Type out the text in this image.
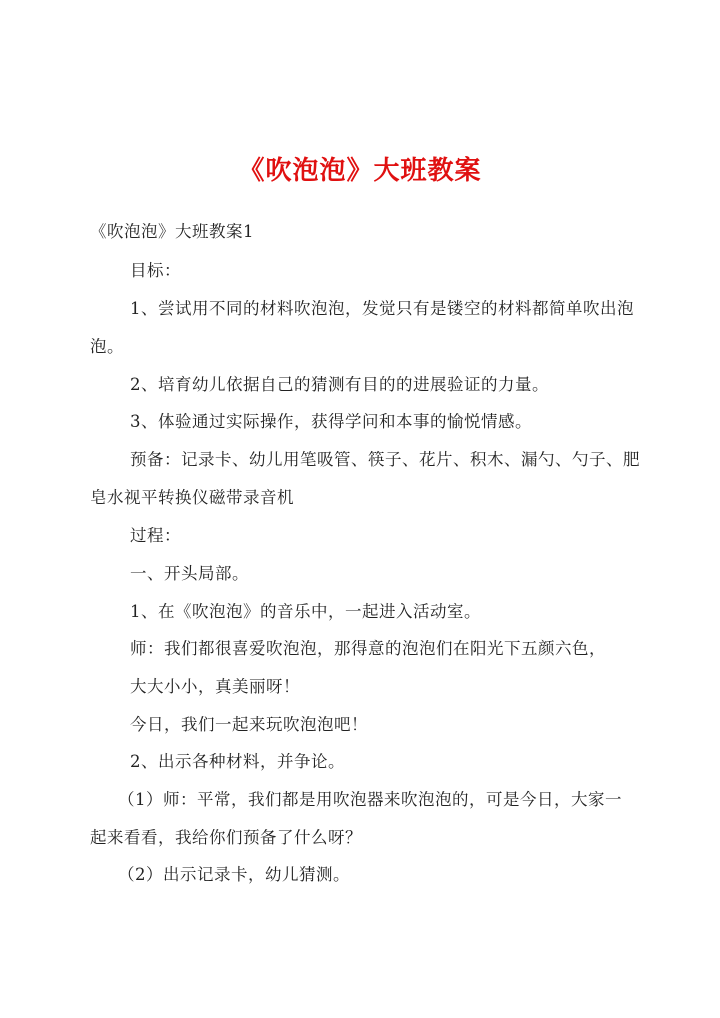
《吹泡泡》大班教案
《吹泡泡》大班教案1
目标：
1、尝试用不同的材料吹泡泡，发觉只有是镂空的材料都简单吹出泡
泡。
2、培育幼儿依据自己的猜测有目的的进展验证的力量。
3、体验通过实际操作，获得学问和本事的愉悦情感。
预备：记录卡、幼儿用笔吸管、筷子、花片、积木、漏勺、勺子、肥
皂水视平转换仪磁带录音机
过程：
一、开头局部。
1、在《吹泡泡》的音乐中，一起进入活动室。
师：我们都很喜爱吹泡泡，那得意的泡泡们在阳光下五颜六色，
大大小小，真美丽呀！
今日，我们一起来玩吹泡泡吧！
2、出示各种材料，并争论。
（1）师：平常，我们都是用吹泡器来吹泡泡的，可是今日，大家一
起来看看，我给你们预备了什么呀？
（2）出示记录卡，幼儿猜测。
